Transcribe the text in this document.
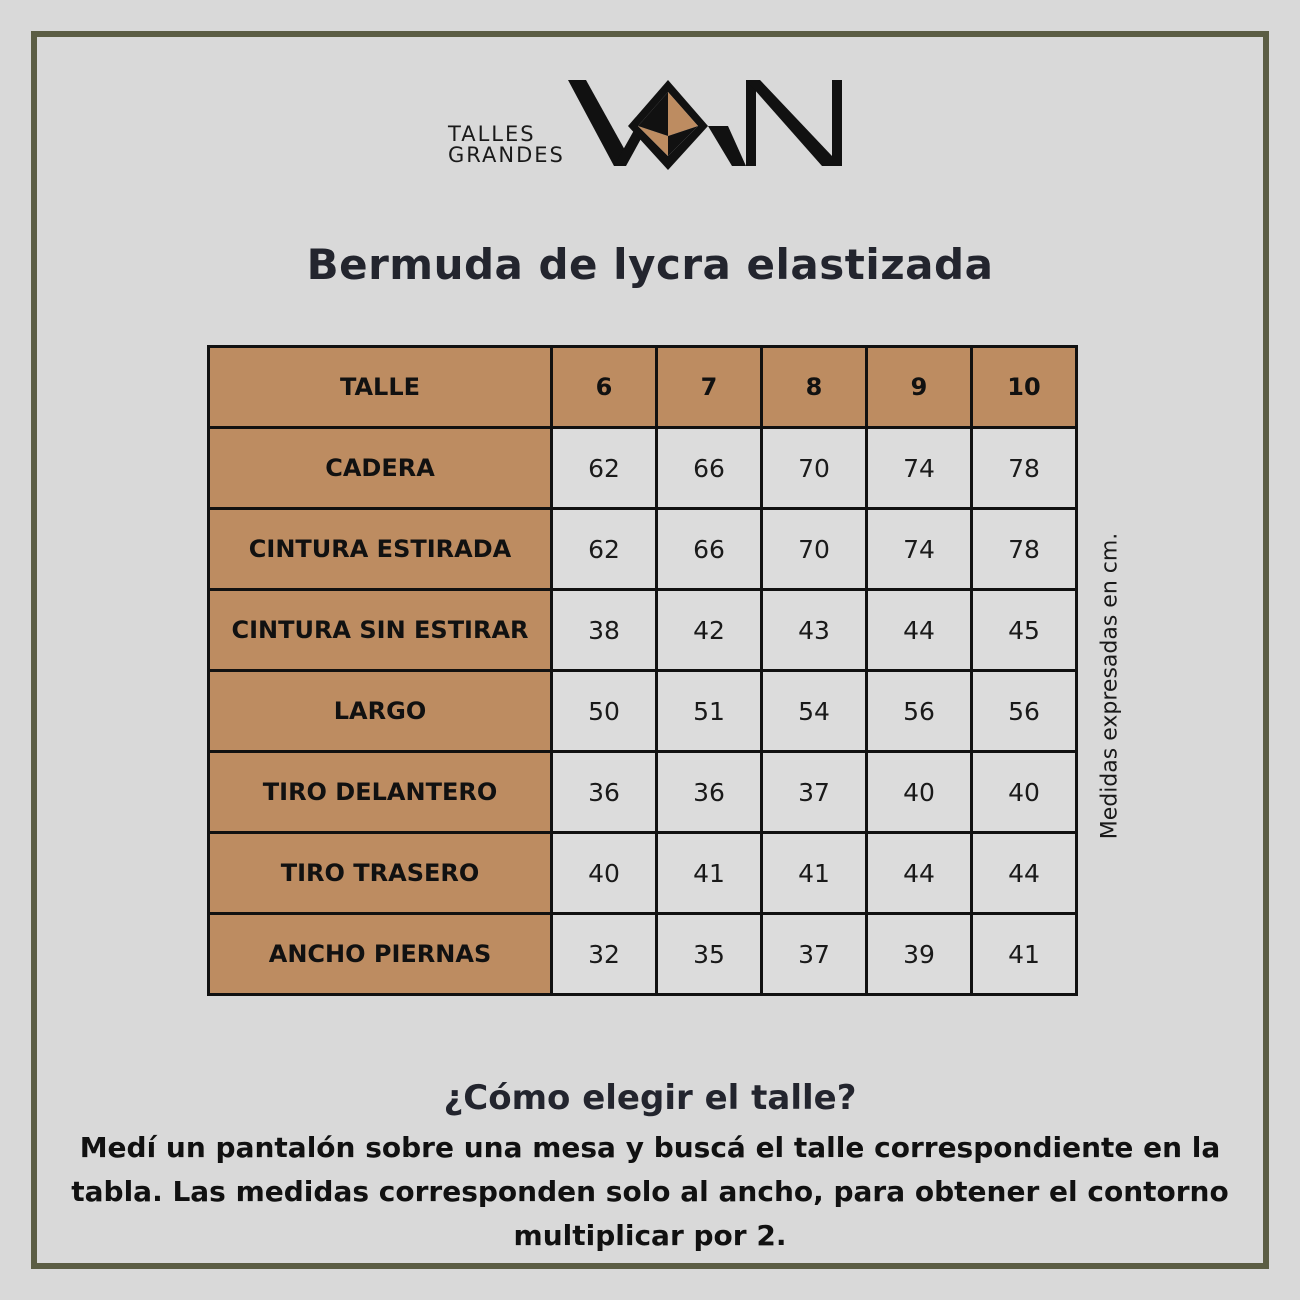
TALLES
GRANDES
Bermuda de lycra elastizada
TALLE	6	7	8	9	10
CADERA	62	66	70	74	78
CINTURA ESTIRADA	62	66	70	74	78
CINTURA SIN ESTIRAR	38	42	43	44	45
LARGO	50	51	54	56	56
TIRO DELANTERO	36	36	37	40	40
TIRO TRASERO	40	41	41	44	44
ANCHO PIERNAS	32	35	37	39	41
Medidas expresadas en cm.
¿Cómo elegir el talle?
Medí un pantalón sobre una mesa y buscá el talle correspondiente en la tabla. Las medidas corresponden solo al ancho, para obtener el contorno multiplicar por 2.
